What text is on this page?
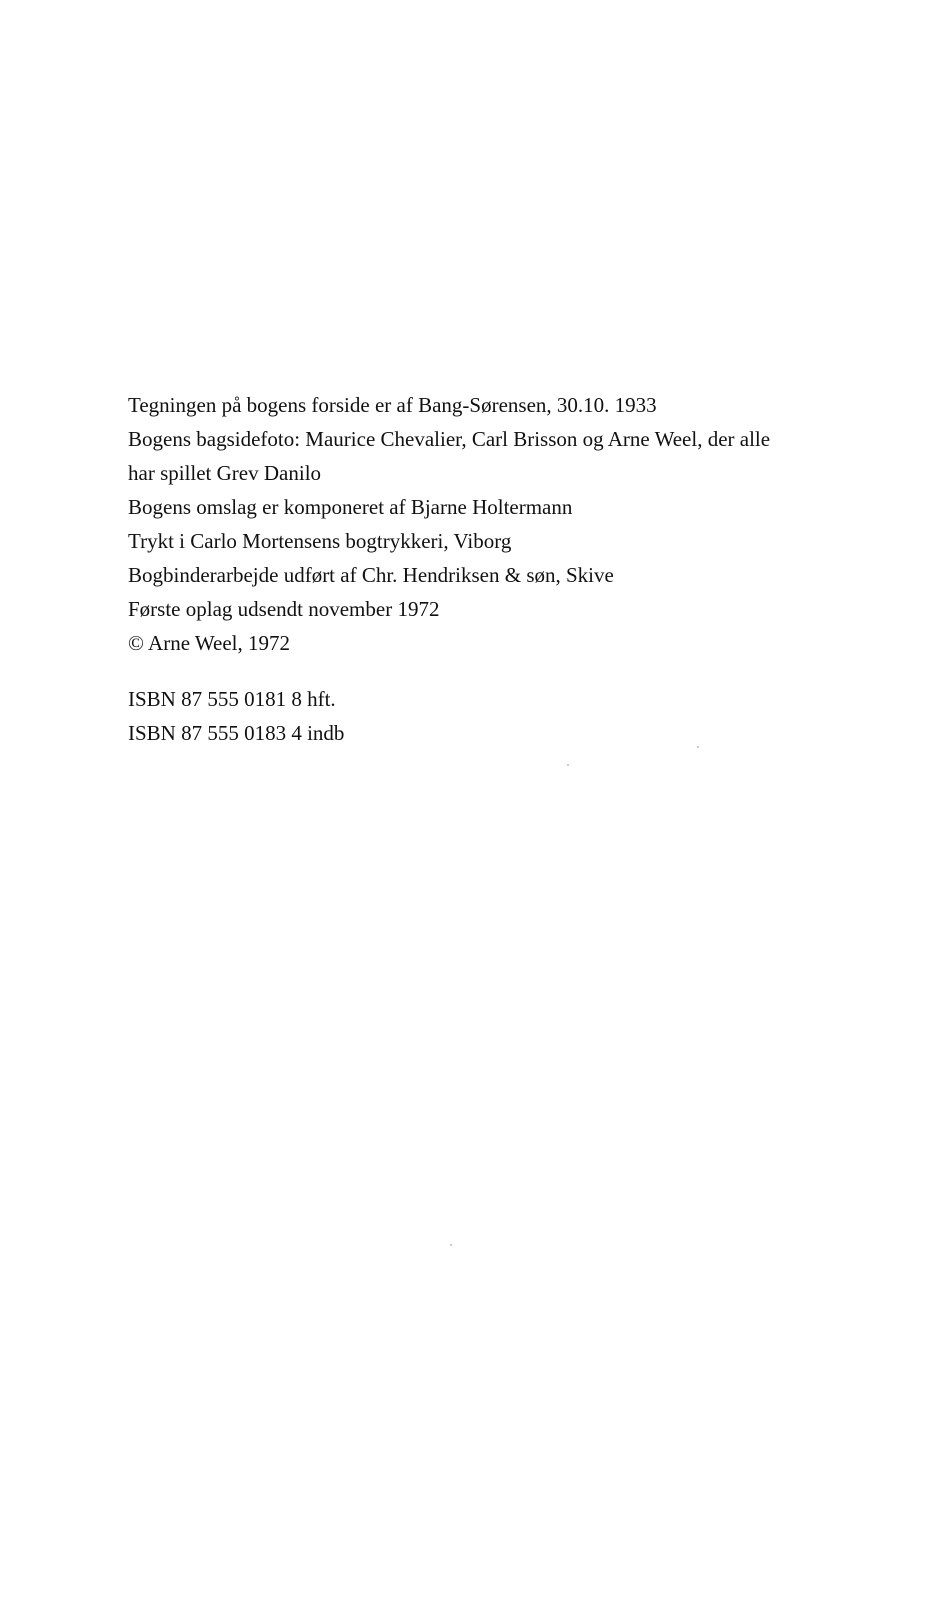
Tegningen på bogens forside er af Bang-Sørensen, 30.10. 1933
Bogens bagsidefoto: Maurice Chevalier, Carl Brisson og Arne Weel, der alle
har spillet Grev Danilo
Bogens omslag er komponeret af Bjarne Holtermann
Trykt i Carlo Mortensens bogtrykkeri, Viborg
Bogbinderarbejde udført af Chr. Hendriksen & søn, Skive
Første oplag udsendt november 1972
© Arne Weel, 1972
ISBN 87 555 0181 8 hft.
ISBN 87 555 0183 4 indb
